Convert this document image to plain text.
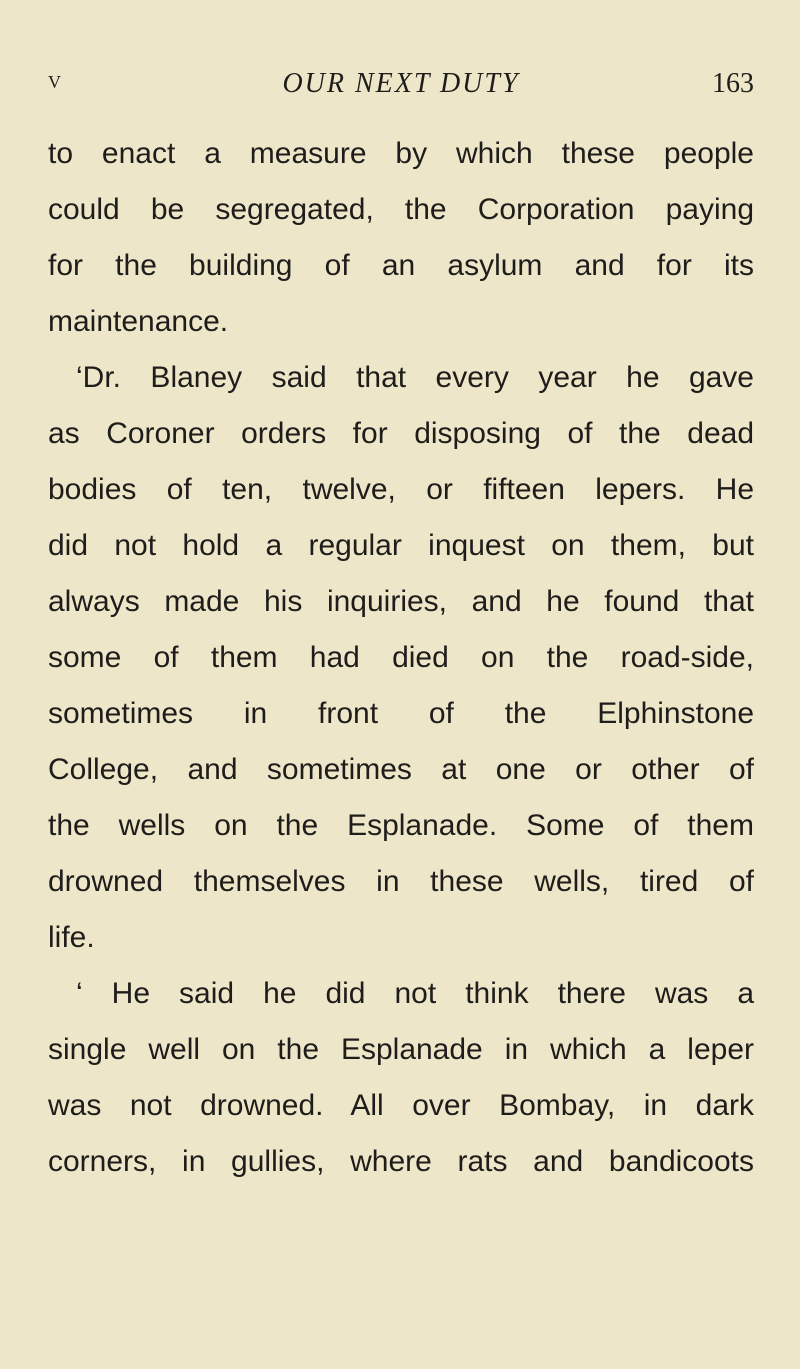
V	OUR NEXT DUTY	163
to enact a measure by which these people
could be segregated, the Corporation paying
for the building of an asylum and for its
maintenance.
‘Dr. Blaney said that every year he gave
as Coroner orders for disposing of the dead
bodies of ten, twelve, or fifteen lepers. He
did not hold a regular inquest on them, but
always made his inquiries, and he found that
some of them had died on the road-side,
sometimes in front of the Elphinstone
College, and sometimes at one or other of
the wells on the Esplanade. Some of them
drowned themselves in these wells, tired of
life.
‘ He said he did not think there was a
single well on the Esplanade in which a leper
was not drowned. All over Bombay, in dark
corners, in gullies, where rats and bandicoots
